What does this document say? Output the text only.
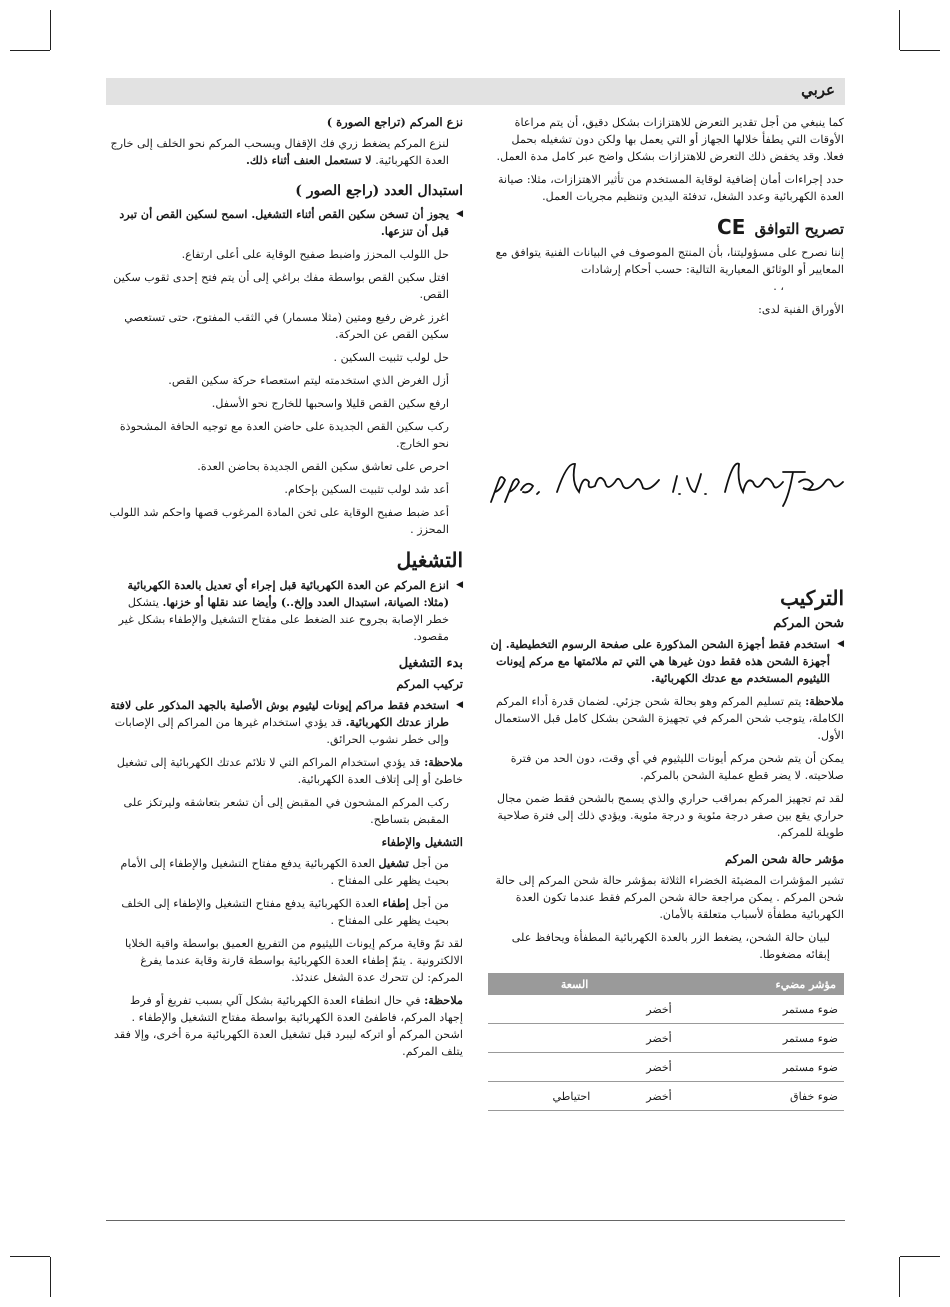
عربي

كما ينبغي من أجل تقدير التعرض للاهتزازات بشكل دقيق، أن يتم مراعاة الأوقات التي يطفأ خلالها الجهاز أو التي يعمل بها ولكن دون تشغيله بحمل فعلا. وقد يخفض ذلك التعرض للاهتزازات بشكل واضح عبر كامل مدة العمل.

حدد إجراءات أمان إضافية لوقاية المستخدم من تأثير الاهتزازات، مثلا: صيانة العدة الكهربائية وعدد الشغل، تدفئة اليدين وتنظيم مجريات العمل.

تصريح التوافق CE

إننا نصرح على مسؤوليتنا، بأن المنتج الموصوف في البيانات الفنية يتوافق مع المعايير أو الوثائق المعيارية التالية: حسب أحكام إرشادات

، .

الأوراق الفنية لدى:

التركيب
شحن المركم

◀ استخدم فقط أجهزة الشحن المذكورة على صفحة الرسوم التخطيطية. إن أجهزة الشحن هذه فقط دون غيرها هي التي تم ملائمتها مع مركم إيونات الليثيوم المستخدم مع عدتك الكهربائية.

ملاحظة: يتم تسليم المركم وهو بحالة شحن جزئي. لضمان قدرة أداء المركم الكاملة، يتوجب شحن المركم في تجهيزة الشحن بشكل كامل قبل الاستعمال الأول.

يمكن أن يتم شحن مركم أيونات الليثيوم في أي وقت، دون الحد من فترة صلاحيته. لا يضر قطع عملية الشحن بالمركم.

لقد تم تجهيز المركم بمراقب حراري والذي يسمح بالشحن فقط ضمن مجال حراري يقع بين صفر درجة مئوية و درجة مئوية. ويؤدي ذلك إلى فترة صلاحية طويلة للمركم.

مؤشر حالة شحن المركم

تشير المؤشرات المضيئة الخضراء الثلاثة بمؤشر حالة شحن المركم إلى حالة شحن المركم . يمكن مراجعة حالة شحن المركم فقط عندما تكون العدة الكهربائية مطفأة لأسباب متعلقة بالأمان.

لبيان حالة الشحن، يضغط الزر بالعدة الكهربائية المطفأة ويحافظ على إبقائه مضغوطا.

مؤشر مضيء		السعة
ضوء مستمر	أخضر	
ضوء مستمر	أخضر	
ضوء مستمر	أخضر	
ضوء خفاق	أخضر	احتياطي
نزع المركم (تراجع الصورة )

لنزع المركم يضغط زري فك الإقفال ويسحب المركم نحو الخلف إلى خارج العدة الكهربائية. لا تستعمل العنف أثناء ذلك.

استبدال العدد (راجع الصور )

◀ يجوز أن تسخن سكين القص أثناء التشغيل. اسمح لسكين القص أن تبرد قبل أن تنزعها.

حل اللولب المحزز واضبط صفيح الوقاية على أعلى ارتفاع.

افتل سكين القص بواسطة مفك براغي إلى أن يتم فتح إحدى ثقوب سكين القص.

اغرز غرض رفيع ومتين (مثلا مسمار) في الثقب المفتوح، حتى تستعصي سكين القص عن الحركة.

حل لولب تثبيت السكين .

أزل الغرض الذي استخدمته ليتم استعصاء حركة سكين القص.

ارفع سكين القص قليلا واسحبها للخارج نحو الأسفل.

ركب سكين القص الجديدة على حاضن العدة مع توجيه الحافة المشحوذة نحو الخارج.

احرص على تعاشق سكين القص الجديدة بحاضن العدة.

أعد شد لولب تثبيت السكين بإحكام.

أعد ضبط صفيح الوقاية على ثخن المادة المرغوب قصها واحكم شد اللولب المحزز .

التشغيل

◀ انزع المركم عن العدة الكهربائية قبل إجراء أي تعديل بالعدة الكهربائية (مثلا: الصيانة، استبدال العدد وإلخ..) وأيضا عند نقلها أو خزنها. يتشكل خطر الإصابة بجروح عند الضغط على مفتاح التشغيل والإطفاء بشكل غير مقصود.

بدء التشغيل
تركيب المركم

◀ استخدم فقط مراكم إيونات ليثيوم بوش الأصلية بالجهد المذكور على لافتة طراز عدتك الكهربائية. قد يؤدي استخدام غيرها من المراكم إلى الإصابات وإلى خطر نشوب الحرائق.

ملاحظة: قد يؤدي استخدام المراكم التي لا تلائم عدتك الكهربائية إلى تشغيل خاطئ أو إلى إتلاف العدة الكهربائية.

ركب المركم المشحون في المقبض إلى أن تشعر بتعاشقه وليرتكز على المقبض بتساطح.

التشغيل والإطفاء

من أجل تشغيل العدة الكهربائية يدفع مفتاح التشغيل والإطفاء إلى الأمام بحيث يظهر على المفتاح .

من أجل إطفاء العدة الكهربائية يدفع مفتاح التشغيل والإطفاء إلى الخلف بحيث يظهر على المفتاح .

لقد تمّ وقاية مركم إيونات الليثيوم من التفريغ العميق بواسطة واقية الخلايا الالكترونية . يتمّ إطفاء العدة الكهربائية بواسطة قارنة وقاية عندما يفرغ المركم: لن تتحرك عدة الشغل عندئذ.

ملاحظة: في حال انطفاء العدة الكهربائية بشكل آلي بسبب تفريغ أو فرط إجهاد المركم، فاطفئ العدة الكهربائية بواسطة مفتاح التشغيل والإطفاء . اشحن المركم أو اتركه ليبرد قبل تشغيل العدة الكهربائية مرة أخرى، وإلا فقد يتلف المركم.
